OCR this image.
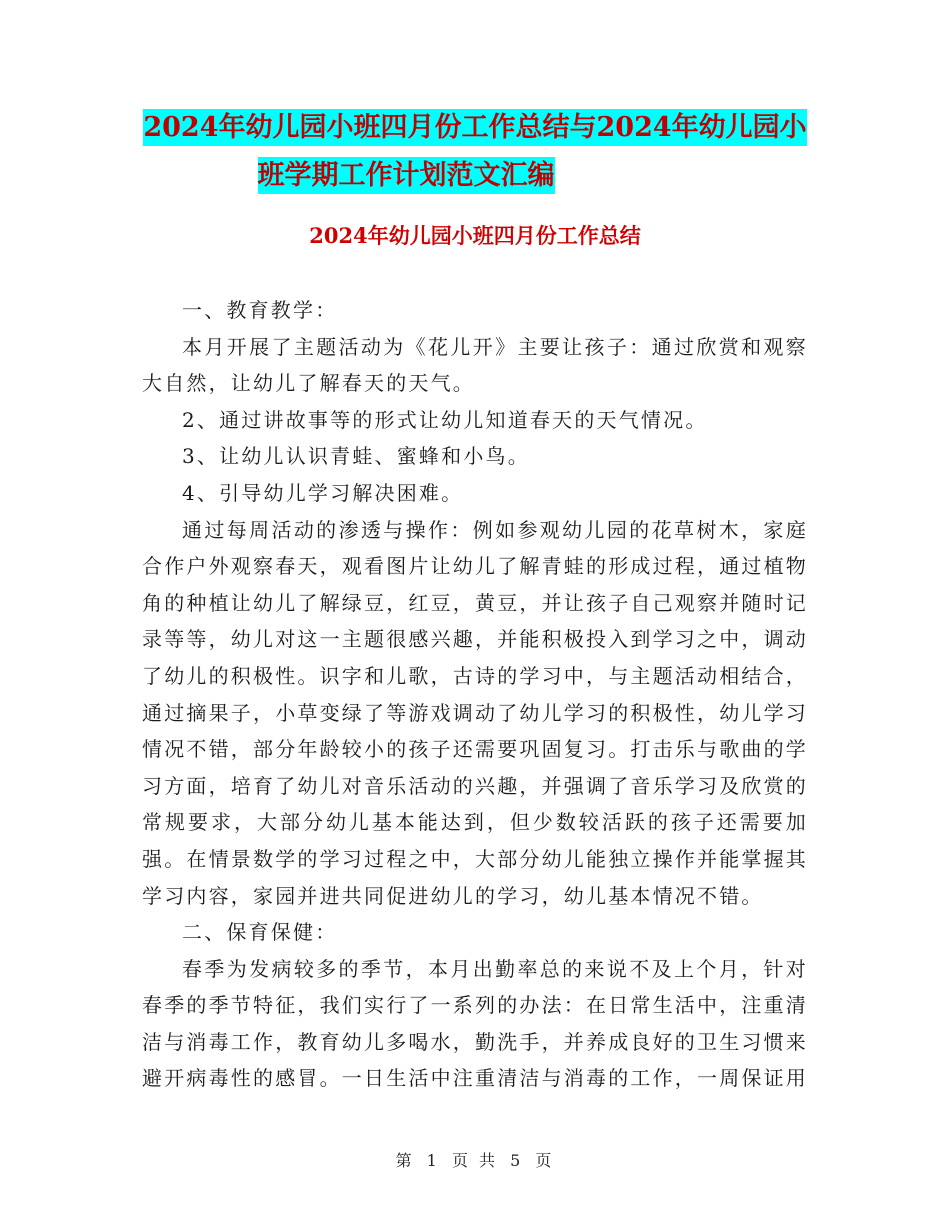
2024年幼儿园小班四月份工作总结与2024年幼儿园小
班学期工作计划范文汇编
2024年幼儿园小班四月份工作总结

一、教育教学：

本月开展了主题活动为《花儿开》主要让孩子：通过欣赏和观察大自然，让幼儿了解春天的天气。

2、通过讲故事等的形式让幼儿知道春天的天气情况。

3、让幼儿认识青蛙、蜜蜂和小鸟。

4、引导幼儿学习解决困难。

通过每周活动的渗透与操作：例如参观幼儿园的花草树木，家庭合作户外观察春天，观看图片让幼儿了解青蛙的形成过程，通过植物角的种植让幼儿了解绿豆，红豆，黄豆，并让孩子自己观察并随时记录等等，幼儿对这一主题很感兴趣，并能积极投入到学习之中，调动了幼儿的积极性。识字和儿歌，古诗的学习中，与主题活动相结合，通过摘果子，小草变绿了等游戏调动了幼儿学习的积极性，幼儿学习情况不错，部分年龄较小的孩子还需要巩固复习。打击乐与歌曲的学习方面，培育了幼儿对音乐活动的兴趣，并强调了音乐学习及欣赏的常规要求，大部分幼儿基本能达到，但少数较活跃的孩子还需要加强。在情景数学的学习过程之中，大部分幼儿能独立操作并能掌握其学习内容，家园并进共同促进幼儿的学习，幼儿基本情况不错。

二、保育保健：

春季为发病较多的季节，本月出勤率总的来说不及上个月，针对春季的季节特征，我们实行了一系列的办法：在日常生活中，注重清洁与消毒工作，教育幼儿多喝水，勤洗手，并养成良好的卫生习惯来避开病毒性的感冒。一日生活中注重清洁与消毒的工作，一周保证用

第 1 页 共 5 页
